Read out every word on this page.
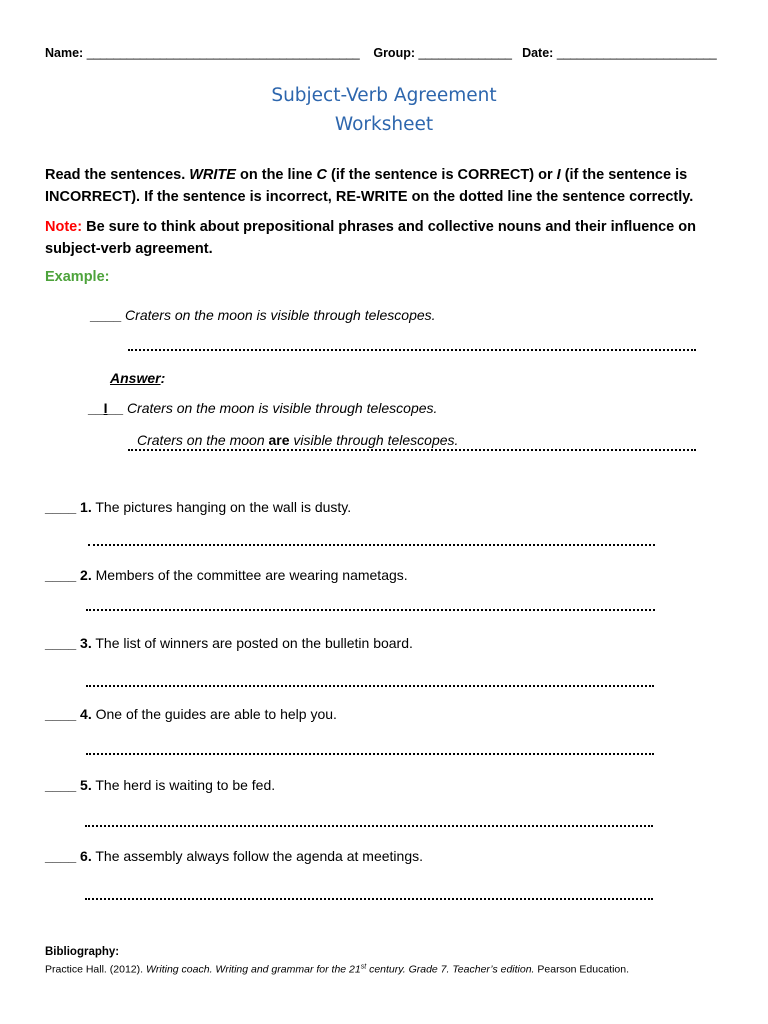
Name: _________________________________________ Group: ______________ Date: ________________________
Subject-Verb Agreement
Worksheet
Read the sentences. WRITE on the line C (if the sentence is CORRECT) or I (if the sentence is INCORRECT). If the sentence is incorrect, RE-WRITE on the dotted line the sentence correctly.
Note: Be sure to think about prepositional phrases and collective nouns and their influence on subject-verb agreement.
Example:
____ Craters on the moon is visible through telescopes.
Answer:
__I__ Craters on the moon is visible through telescopes.
Craters on the moon are visible through telescopes.
____ 1. The pictures hanging on the wall is dusty.
____ 2. Members of the committee are wearing nametags.
____ 3. The list of winners are posted on the bulletin board.
____ 4. One of the guides are able to help you.
____ 5. The herd is waiting to be fed.
____ 6. The assembly always follow the agenda at meetings.
Bibliography:
Practice Hall. (2012). Writing coach. Writing and grammar for the 21st century. Grade 7. Teacher’s edition. Pearson Education.
